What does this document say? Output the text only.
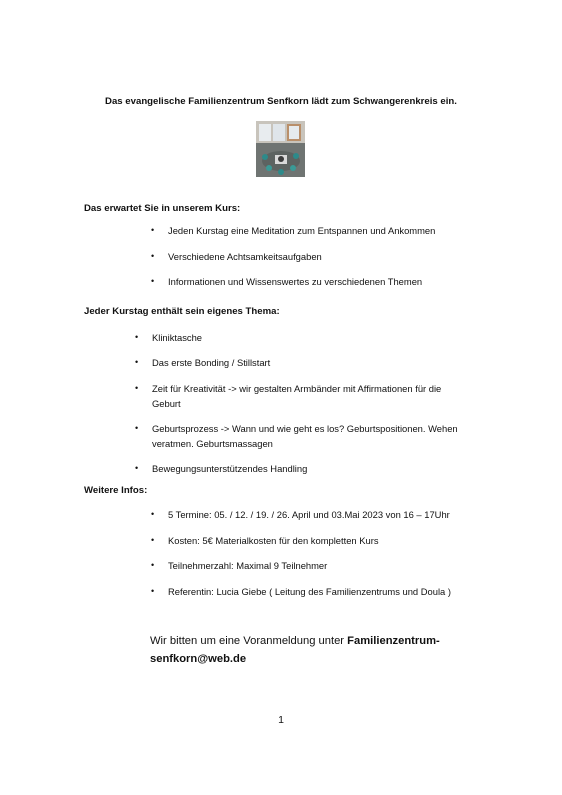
Das evangelische Familienzentrum Senfkorn lädt zum Schwangerenkreis ein.
Das erwartet Sie in unserem Kurs:
• Jeden Kurstag eine Meditation zum Entspannen und Ankommen
• Verschiedene Achtsamkeitsaufgaben
• Informationen und Wissenswertes zu verschiedenen Themen
Jeder Kurstag enthält sein eigenes Thema:
• Kliniktasche
• Das erste Bonding / Stillstart
• Zeit für Kreativität -> wir gestalten Armbänder mit Affirmationen für die Geburt
• Geburtsprozess -> Wann und wie geht es los? Geburtspositionen. Wehen veratmen. Geburtsmassagen
• Bewegungsunterstützendes Handling
Weitere Infos:
• 5 Termine: 05. / 12. / 19. / 26. April und 03.Mai 2023 von 16 – 17Uhr
• Kosten: 5€ Materialkosten für den kompletten Kurs
• Teilnehmerzahl: Maximal 9 Teilnehmer
• Referentin: Lucia Giebe ( Leitung des Familienzentrums und Doula )
Wir bitten um eine Voranmeldung unter Familienzentrum-senfkorn@web.de
1
